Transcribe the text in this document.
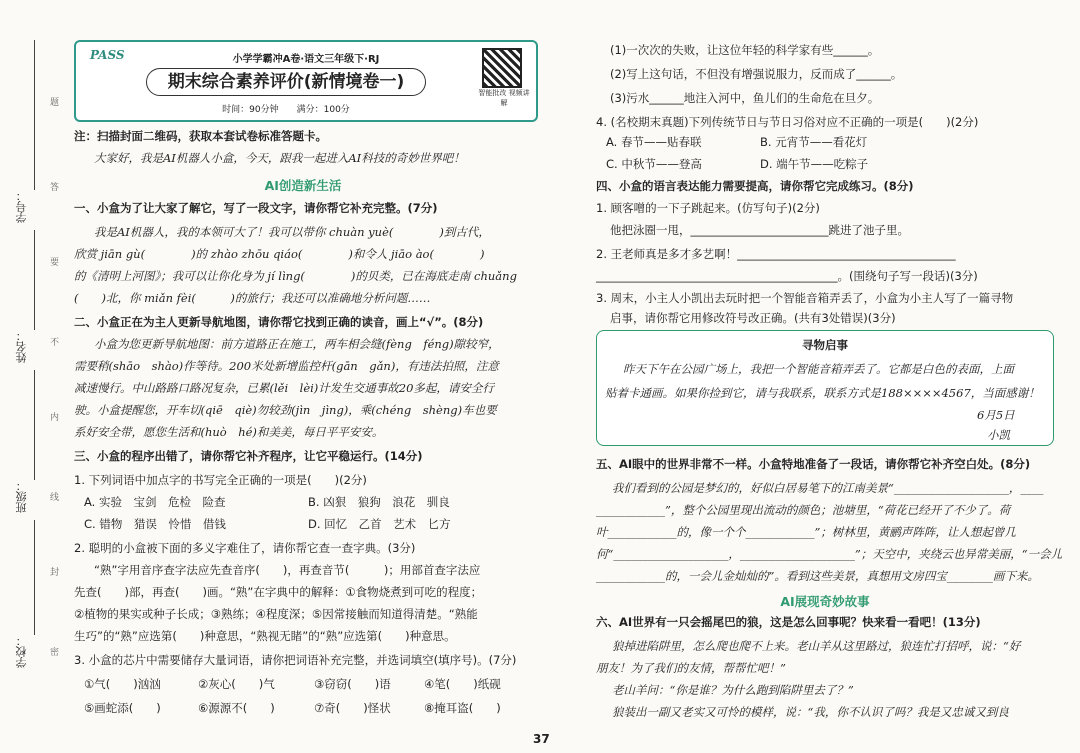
学号：
姓名：
班级：
学校：
题
答
要
不
内
线
封
密
PASS	小学学霸冲A卷·语文三年级下·RJ
期末综合素养评价(新情境卷一)
时间：90分钟　　满分：100分
智能批改 视频讲解
注：扫描封面二维码，获取本套试卷标准答题卡。
大家好，我是AI机器人小盒，今天，跟我一起进入AI科技的奇妙世界吧！
AI创造新生活
一、小盒为了让大家了解它，写了一段文字，请你帮它补充完整。(7分)
我是AI机器人，我的本领可大了！我可以带你 chuàn yuè(　　　　)到古代，
欣赏 jiān gù(　　　　)的 zhào zhōu qiáo(　　　　)和令人 jiāo ào(　　　　)
的《清明上河图》；我可以让你化身为 jí lìng(　　　　)的贝类，已在海底走南 chuǎng
(　　)北，你 miǎn fèi(　　　)的旅行；我还可以准确地分析问题……
二、小盒正在为主人更新导航地图，请你帮它找到正确的读音，画上“√”。(8分)
小盒为您更新导航地图：前方道路正在施工，两车相会缝(fèng　féng)隙较窄，
需要稍(shāo　shào)作等待。200米处新增监控杆(gān　gǎn)，有违法拍照，注意
减速慢行。中山路路口路况复杂，已累(lěi　lèi)计发生交通事故20多起，请安全行
驶。小盒提醒您，开车切(qiē　qiè)勿较劲(jìn　jìng)，乘(chéng　shèng)车也要
系好安全带，愿您生活和(huò　hé)和美美，每日平平安安。
三、小盒的程序出错了，请你帮它补齐程序，让它平稳运行。(14分)
1. 下列词语中加点字的书写完全正确的一项是(　　)(2分)
A. 实验　宝剑　危检　险查	B. 凶狠　狼狗　浪花　驯良
C. 错物　猎误　怜惜　借钱	D. 回忆　乙首　艺术　匕方
2. 聪明的小盒被下面的多义字难住了，请你帮它查一查字典。(3分)
“熟”字用音序查字法应先查音序(　　)，再查音节(　　　)；用部首查字法应
先查(　　)部，再查(　　)画。“熟”在字典中的解释：①食物烧煮到可吃的程度；
②植物的果实或种子长成；③熟练；④程度深；⑤因常接触而知道得清楚。“熟能
生巧”的“熟”应选第(　　)种意思，“熟视无睹”的“熟”应选第(　　)种意思。
3. 小盒的芯片中需要储存大量词语，请你把词语补充完整，并选词填空(填序号)。(7分)
①气(　　)汹汹	②灰心(　　)气	③窃窃(　　)语	④笔(　　)纸砚
⑤画蛇添(　　)	⑥源源不(　　)	⑦奇(　　)怪状	⑧掩耳盗(　　)
(1)一次次的失败，让这位年轻的科学家有些______。
(2)写上这句话，不但没有增强说服力，反而成了______。
(3)污水______地注入河中，鱼儿们的生命危在旦夕。
4. (名校期末真题)下列传统节日与节日习俗对应不正确的一项是(　　)(2分)
A. 春节——贴春联	B. 元宵节——看花灯
C. 中秋节——登高	D. 端午节——吃粽子
四、小盒的语言表达能力需要提高，请你帮它完成练习。(8分)
1. 顾客噌的一下子跳起来。(仿写句子)(2分)
他把泳圈一甩，________________________跳进了池子里。
2. 王老师真是多才多艺啊！______________________________________
__________________________________________。(围绕句子写一段话)(3分)
3. 周末，小主人小凯出去玩时把一个智能音箱弄丢了，小盒为小主人写了一篇寻物
启事，请你帮它用修改符号改正确。(共有3处错误)(3分)
寻物启事
昨天下午在公园广场上，我把一个智能音箱弄丢了。它都是白色的表面，上面
贴着卡通画。如果你捡到它，请与我联系，联系方式是188××××4567，当面感谢！
6月5日
小凯
五、AI眼中的世界非常不一样。小盒特地准备了一段话，请你帮它补齐空白处。(8分)
我们看到的公园是梦幻的，好似白居易笔下的江南美景“____________________，____
____________”，整个公园里现出流动的颜色；池塘里，“荷花已经开了不少了。荷
叶____________的，像一个个____________”；树林里，黄鹂声阵阵，让人想起曾几
何“____________________，____________________”；天空中，夹绕云也异常美丽，“一会儿
____________的，一会儿金灿灿的”。看到这些美景，真想用文房四宝________画下来。
AI展现奇妙故事
六、AI世界有一只会摇尾巴的狼，这是怎么回事呢？快来看一看吧！(13分)
狼掉进陷阱里，怎么爬也爬不上来。老山羊从这里路过，狼连忙打招呼，说：“好
朋友！为了我们的友情，帮帮忙吧！”
老山羊问：“你是谁？为什么跑到陷阱里去了？”
狼装出一副又老实又可怜的模样，说：“我，你不认识了吗？我是又忠诚又到良
37
